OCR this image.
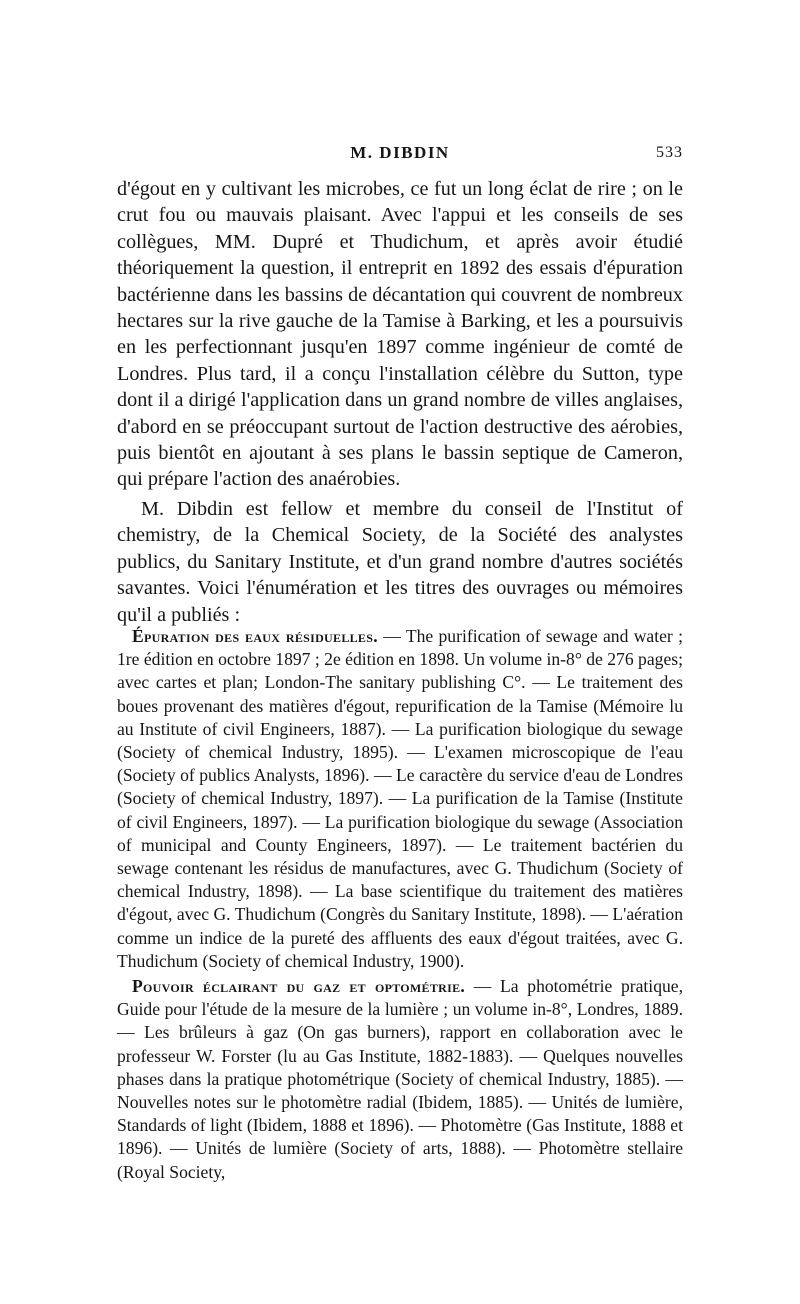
M. DIBDIN	533

d'égout en y cultivant les microbes, ce fut un long éclat de rire ; on le crut fou ou mauvais plaisant. Avec l'appui et les conseils de ses collègues, MM. Dupré et Thudichum, et après avoir étudié théoriquement la question, il entreprit en 1892 des essais d'épuration bactérienne dans les bassins de décantation qui couvrent de nombreux hectares sur la rive gauche de la Tamise à Barking, et les a poursuivis en les perfectionnant jusqu'en 1897 comme ingénieur de comté de Londres. Plus tard, il a conçu l'installation célèbre du Sutton, type dont il a dirigé l'application dans un grand nombre de villes anglaises, d'abord en se préoccupant surtout de l'action destructive des aérobies, puis bientôt en ajoutant à ses plans le bassin septique de Cameron, qui prépare l'action des anaérobies.

M. Dibdin est fellow et membre du conseil de l'Institut of chemistry, de la Chemical Society, de la Société des analystes publics, du Sanitary Institute, et d'un grand nombre d'autres sociétés savantes. Voici l'énumération et les titres des ouvrages ou mémoires qu'il a publiés :

Épuration des eaux résiduelles. — The purification of sewage and water ; 1re édition en octobre 1897 ; 2e édition en 1898. Un volume in-8° de 276 pages; avec cartes et plan; London-The sanitary publishing C°. — Le traitement des boues provenant des matières d'égout, repurification de la Tamise (Mémoire lu au Institute of civil Engineers, 1887). — La purification biologique du sewage (Society of chemical Industry, 1895). — L'examen microscopique de l'eau (Society of publics Analysts, 1896). — Le caractère du service d'eau de Londres (Society of chemical Industry, 1897). — La purification de la Tamise (Institute of civil Engineers, 1897). — La purification biologique du sewage (Association of municipal and County Engineers, 1897). — Le traitement bactérien du sewage contenant les résidus de manufactures, avec G. Thudichum (Society of chemical Industry, 1898). — La base scientifique du traitement des matières d'égout, avec G. Thudichum (Congrès du Sanitary Institute, 1898). — L'aération comme un indice de la pureté des affluents des eaux d'égout traitées, avec G. Thudichum (Society of chemical Industry, 1900).

Pouvoir éclairant du gaz et optométrie. — La photométrie pratique, Guide pour l'étude de la mesure de la lumière ; un volume in-8°, Londres, 1889. — Les brûleurs à gaz (On gas burners), rapport en collaboration avec le professeur W. Forster (lu au Gas Institute, 1882-1883). — Quelques nouvelles phases dans la pratique photométrique (Society of chemical Industry, 1885). — Nouvelles notes sur le photomètre radial (Ibidem, 1885). — Unités de lumière, Standards of light (Ibidem, 1888 et 1896). — Photomètre (Gas Institute, 1888 et 1896). — Unités de lumière (Society of arts, 1888). — Photomètre stellaire (Royal Society,
